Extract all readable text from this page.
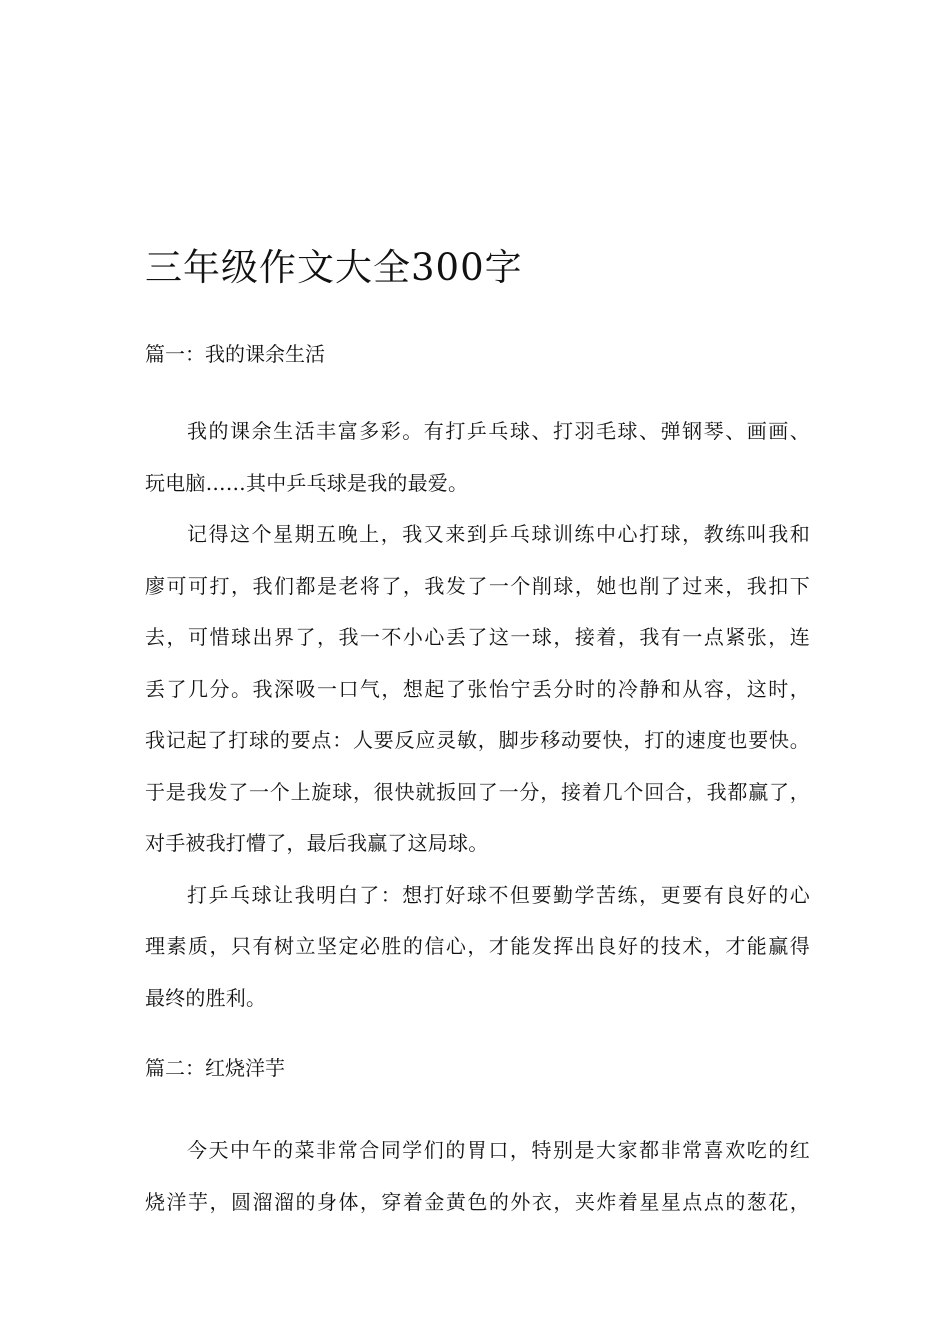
三年级作文大全300字
篇一：我的课余生活
我的课余生活丰富多彩。有打乒乓球、打羽毛球、弹钢琴、画画、
玩电脑……其中乒乓球是我的最爱。
记得这个星期五晚上，我又来到乒乓球训练中心打球，教练叫我和
廖可可打，我们都是老将了，我发了一个削球，她也削了过来，我扣下
去，可惜球出界了，我一不小心丢了这一球，接着，我有一点紧张，连
丢了几分。我深吸一口气，想起了张怡宁丢分时的冷静和从容，这时，
我记起了打球的要点：人要反应灵敏，脚步移动要快，打的速度也要快。
于是我发了一个上旋球，很快就扳回了一分，接着几个回合，我都赢了，
对手被我打懵了，最后我赢了这局球。
打乒乓球让我明白了：想打好球不但要勤学苦练，更要有良好的心
理素质，只有树立坚定必胜的信心，才能发挥出良好的技术，才能赢得
最终的胜利。
篇二：红烧洋芋
今天中午的菜非常合同学们的胃口，特别是大家都非常喜欢吃的红
烧洋芋，圆溜溜的身体，穿着金黄色的外衣，夹炸着星星点点的葱花，
